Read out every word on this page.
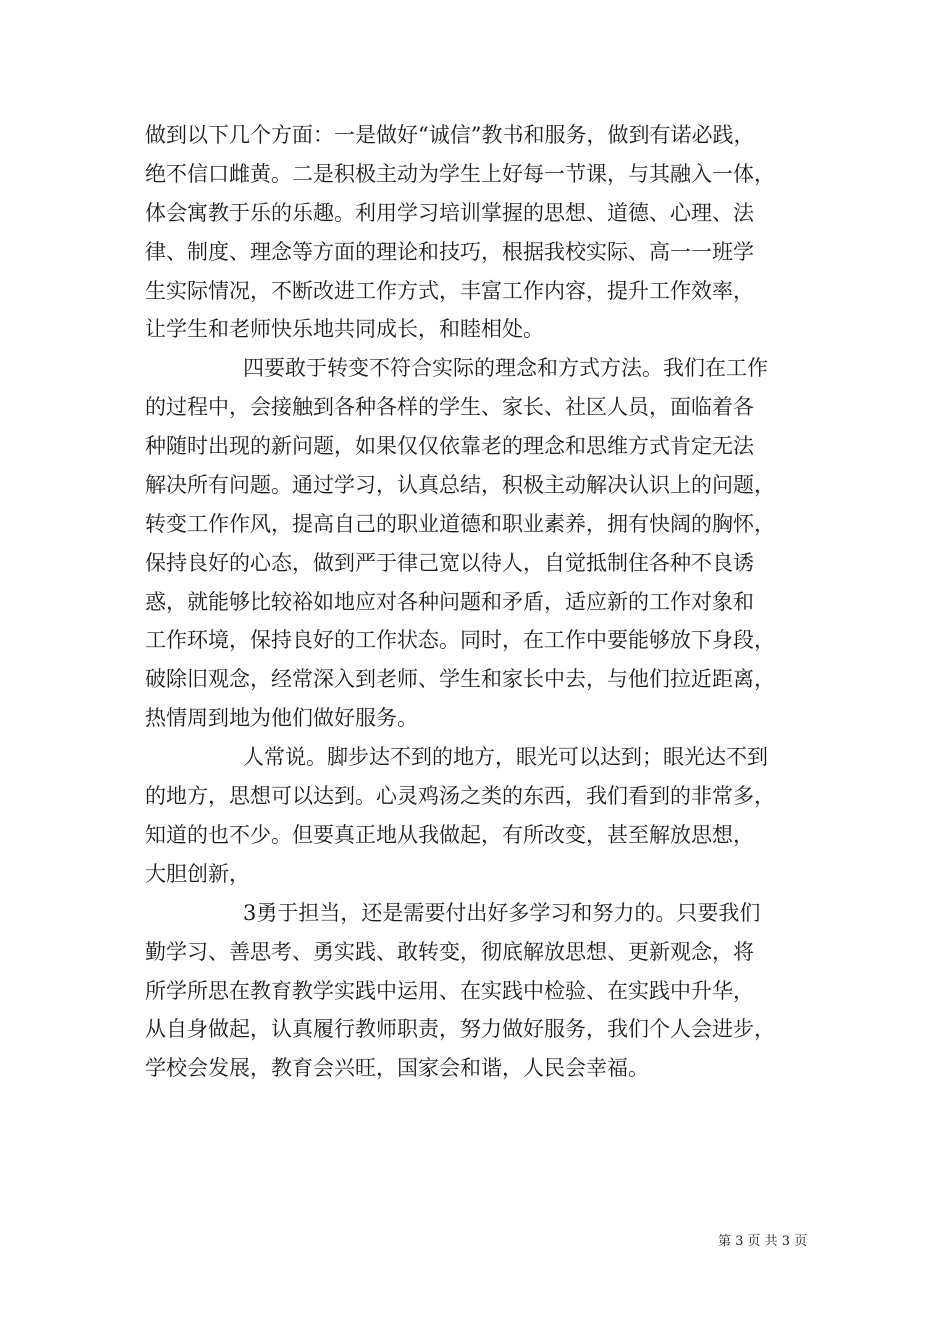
做到以下几个方面：一是做好“诚信”教书和服务，做到有诺必践，

绝不信口雌黄。二是积极主动为学生上好每一节课，与其融入一体，

体会寓教于乐的乐趣。利用学习培训掌握的思想、道德、心理、法

律、制度、理念等方面的理论和技巧，根据我校实际、高一一班学

生实际情况，不断改进工作方式，丰富工作内容，提升工作效率，

让学生和老师快乐地共同成长，和睦相处。

四要敢于转变不符合实际的理念和方式方法。我们在工作

的过程中，会接触到各种各样的学生、家长、社区人员，面临着各

种随时出现的新问题，如果仅仅依靠老的理念和思维方式肯定无法

解决所有问题。通过学习，认真总结，积极主动解决认识上的问题，

转变工作作风，提高自己的职业道德和职业素养，拥有快阔的胸怀，

保持良好的心态，做到严于律己宽以待人，自觉抵制住各种不良诱

惑，就能够比较裕如地应对各种问题和矛盾，适应新的工作对象和

工作环境，保持良好的工作状态。同时，在工作中要能够放下身段，

破除旧观念，经常深入到老师、学生和家长中去，与他们拉近距离，

热情周到地为他们做好服务。

人常说。脚步达不到的地方，眼光可以达到；眼光达不到

的地方，思想可以达到。心灵鸡汤之类的东西，我们看到的非常多，

知道的也不少。但要真正地从我做起，有所改变，甚至解放思想，

大胆创新，

3勇于担当，还是需要付出好多学习和努力的。只要我们

勤学习、善思考、勇实践、敢转变，彻底解放思想、更新观念，将

所学所思在教育教学实践中运用、在实践中检验、在实践中升华，

从自身做起，认真履行教师职责，努力做好服务，我们个人会进步，

学校会发展，教育会兴旺，国家会和谐，人民会幸福。

第 3 页 共 3 页
